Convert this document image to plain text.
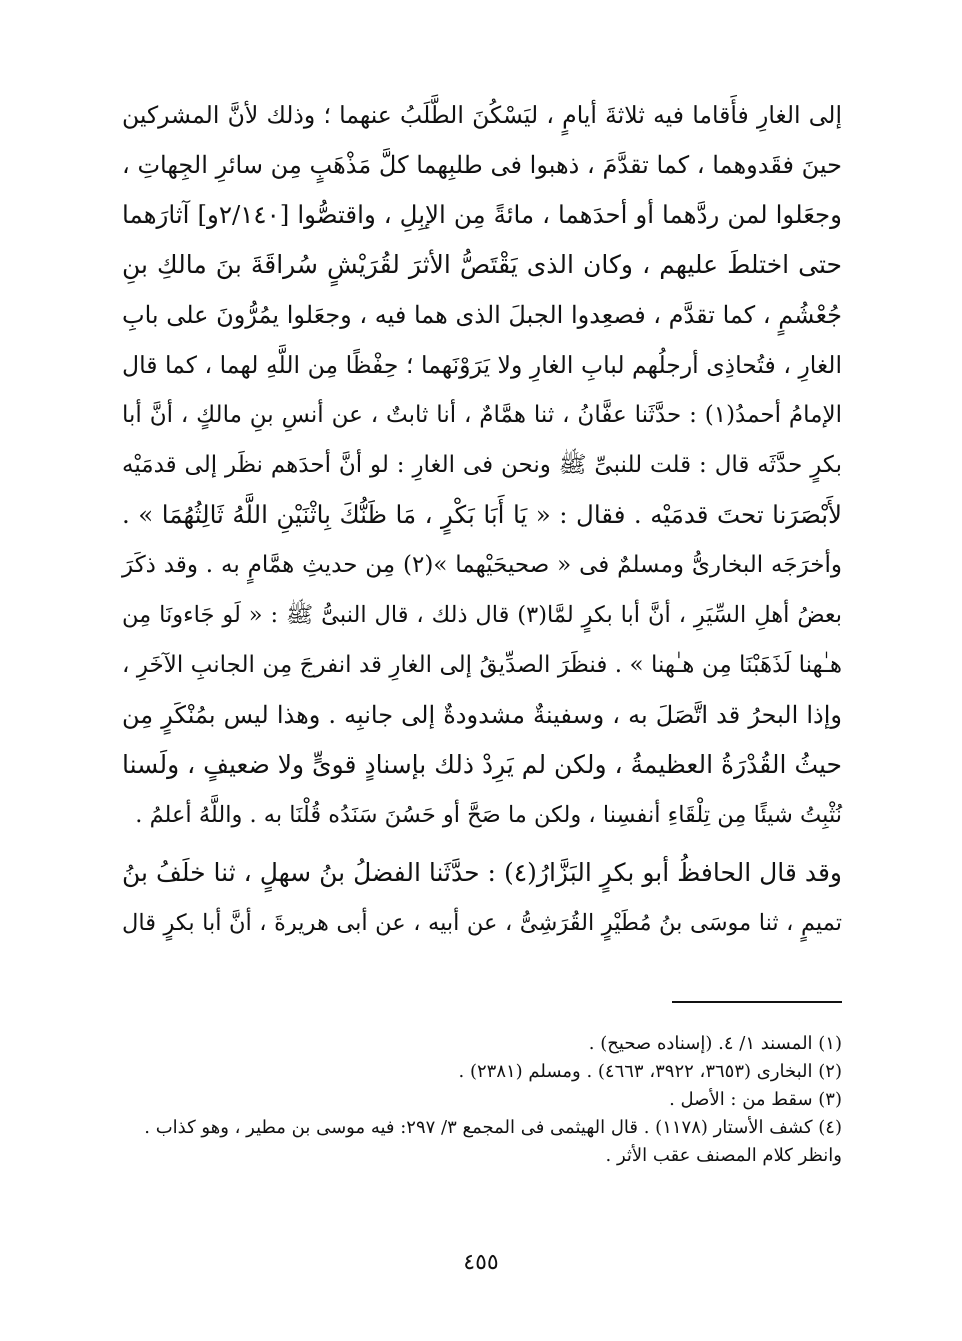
إلى الغارِ فأَقاما فيه ثلاثةَ أيامٍ ، ليَسْكُنَ الطَّلَبُ عنهما ؛ وذلك لأنَّ المشركين
حينَ فقَدوهما ، كما تقدَّمَ ، ذهبوا فى طلبِهما كلَّ مَذْهَبٍ مِن سائرِ الجِهاتِ ،
وجعَلوا لمن ردَّهما أو أحدَهما ، مائةً مِن الإبِلِ ، واقتصُّوا [٢/١٤٠و] آثارَهما
حتى اختلطَ عليهم ، وكان الذى يَقْتَصُّ الأثرَ لقُرَيْشٍ سُراقَةَ بنَ مالكِ بنِ
جُعْشُمٍ ، كما تقدَّم ، فصعِدوا الجبلَ الذى هما فيه ، وجعَلوا يمُرُّونَ على بابِ
الغارِ ، فتُحاذِى أرجلُهم لبابِ الغارِ ولا يَرَوْنَهما ؛ حِفْظًا مِن اللَّهِ لهما ، كما قال
الإمامُ أحمدُ(١) : حدَّثَنا عفَّانُ ، ثنا همَّامٌ ، أنا ثابتٌ ، عن أنسِ بنِ مالكٍ ، أنَّ أبا
بكرٍ حدَّثَه قال : قلت للنبىِّ ﷺ ونحن فى الغارِ : لو أنَّ أحدَهم نظَر إلى قدمَيْه
لأَبْصَرَنا تحتَ قدمَيْه . فقال : « يَا أَبَا بَكْرٍ ، مَا ظَنُّكَ بِاثْنَيْنِ اللَّهُ ثَالِثُهُمَا » .
وأخرَجَه البخارىُّ ومسلمٌ فى « صحيحَيْهما »(٢) مِن حديثِ همَّامٍ به . وقد ذكَرَ
بعضُ أهلِ السِّيَرِ ، أنَّ أبا بكرٍ لمَّا(٣) قال ذلك ، قال النبىُّ ﷺ : « لَو جَاءونَا مِن
هـٰهنا لَذَهَبْنَا مِن هـٰهنا » . فنظَرَ الصدِّيقُ إلى الغارِ قد انفرجَ مِن الجانبِ الآخَرِ ،
وإذا البحرُ قد اتَّصَلَ به ، وسفينةٌ مشدودةٌ إلى جانبِه . وهذا ليس بمُنْكَرٍ مِن
حيثُ القُدْرَةُ العظيمةُ ، ولكن لم يَرِدْ ذلك بإسنادٍ قوىٍّ ولا ضعيفٍ ، ولَسنا
نُثْبِتُ شيئًا مِن تِلْقَاءِ أنفسِنا ، ولكن ما صَحَّ أو حَسُنَ سَنَدُه قُلْنَا به . واللَّهُ أعلمُ .

وقد قال الحافظُ أبو بكرٍ البَزَّارُ(٤) : حدَّثَنا الفضلُ بنُ سهلٍ ، ثنا خلَفُ بنُ
تميمٍ ، ثنا موسَى بنُ مُطَيْرٍ القُرَشِىُّ ، عن أبيه ، عن أبى هريرةَ ، أنَّ أبا بكرٍ قال

(١) المسند ١/ ٤. (إسناده صحيح) .
(٢) البخارى (٣٦٥٣، ٣٩٢٢، ٤٦٦٣) . ومسلم (٢٣٨١) .
(٣) سقط من : الأصل .
(٤) كشف الأستار (١١٧٨) . قال الهيثمى فى المجمع ٣/ ٢٩٧: فيه موسى بن مطير ، وهو كذاب .
وانظر كلام المصنف عقب الأثر .
٤٥٥
